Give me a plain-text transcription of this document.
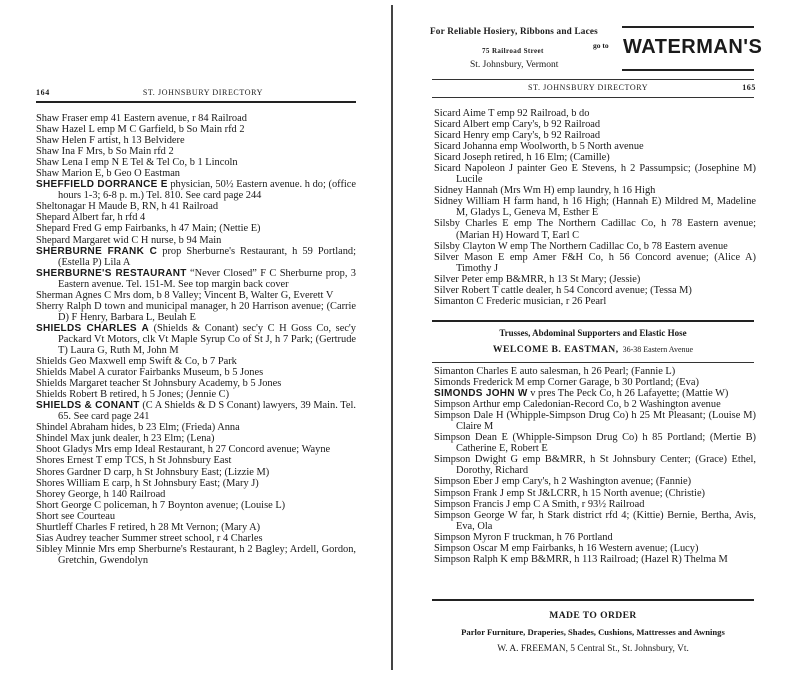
164	ST. JOHNSBURY DIRECTORY
Shaw Fraser emp 41 Eastern avenue, r 84 Railroad
Shaw Hazel L emp M C Garfield, b So Main rfd 2
Shaw Helen F artist, h 13 Belvidere
Shaw Ina F Mrs, b So Main rfd 2
Shaw Lena I emp N E Tel & Tel Co, b 1 Lincoln
Shaw Marion E, b Geo O Eastman
SHEFFIELD DORRANCE E physician, 50½ Eastern avenue. h do; (office hours 1-3; 6-8 p. m.) Tel. 810. See card page 244
Sheltonagar H Maude B, RN, h 41 Railroad
Shepard Albert far, h rfd 4
Shepard Fred G emp Fairbanks, h 47 Main; (Nettie E)
Shepard Margaret wid C H nurse, b 94 Main
SHERBURNE FRANK C prop Sherburne's Restaurant, h 59 Portland; (Estella P) Lila A
SHERBURNE'S RESTAURANT “Never Closed” F C Sherburne prop, 3 Eastern avenue. Tel. 151-M. See top margin back cover
Sherman Agnes C Mrs dom, b 8 Valley; Vincent B, Walter G, Everett V
Sherry Ralph D town and municipal manager, h 20 Harrison avenue; (Carrie D) F Henry, Barbara L, Beulah E
SHIELDS CHARLES A (Shields & Conant) sec'y C H Goss Co, sec'y Packard Vt Motors, clk Vt Maple Syrup Co of St J, h 7 Park; (Gertrude T) Laura G, Ruth M, John M
Shields Geo Maxwell emp Swift & Co, b 7 Park
Shields Mabel A curator Fairbanks Museum, b 5 Jones
Shields Margaret teacher St Johnsbury Academy, b 5 Jones
Shields Robert B retired, h 5 Jones; (Jennie C)
SHIELDS & CONANT (C A Shields & D S Conant) lawyers, 39 Main. Tel. 65. See card page 241
Shindel Abraham hides, b 23 Elm; (Frieda) Anna
Shindel Max junk dealer, h 23 Elm; (Lena)
Shoot Gladys Mrs emp Ideal Restaurant, h 27 Concord avenue; Wayne
Shores Ernest T emp TCS, h St Johnsbury East
Shores Gardner D carp, h St Johnsbury East; (Lizzie M)
Shores William E carp, h St Johnsbury East; (Mary J)
Shorey George, h 140 Railroad
Short George C policeman, h 7 Boynton avenue; (Louise L)
Short see Courteau
Shurtleff Charles F retired, h 28 Mt Vernon; (Mary A)
Sias Audrey teacher Summer street school, r 4 Charles
Sibley Minnie Mrs emp Sherburne's Restaurant, h 2 Bagley; Ardell, Gordon, Gretchin, Gwendolyn
For Reliable Hosiery, Ribbons and Laces
75 Railroad Street
St. Johnsbury, Vermont
go to WATERMAN'S
ST. JOHNSBURY DIRECTORY	165
Sicard Aime T emp 92 Railroad, b do
Sicard Albert emp Cary's, b 92 Railroad
Sicard Henry emp Cary's, b 92 Railroad
Sicard Johanna emp Woolworth, b 5 North avenue
Sicard Joseph retired, h 16 Elm; (Camille)
Sicard Napoleon J painter Geo E Stevens, h 2 Passumpsic; (Josephine M) Lucile
Sidney Hannah (Mrs Wm H) emp laundry, h 16 High
Sidney William H farm hand, h 16 High; (Hannah E) Mildred M, Madeline M, Gladys L, Geneva M, Esther E
Silsby Charles E emp The Northern Cadillac Co, h 78 Eastern avenue; (Marian H) Howard T, Earl C
Silsby Clayton W emp The Northern Cadillac Co, b 78 Eastern avenue
Silver Mason E emp Amer F&H Co, h 56 Concord avenue; (Alice A) Timothy J
Silver Peter emp B&MRR, h 13 St Mary; (Jessie)
Silver Robert T cattle dealer, h 54 Concord avenue; (Tessa M)
Simanton C Frederic musician, r 26 Pearl
Trusses, Abdominal Supporters and Elastic Hose
WELCOME B. EASTMAN, 36-38 Eastern Avenue
Simanton Charles E auto salesman, h 26 Pearl; (Fannie L)
Simonds Frederick M emp Corner Garage, b 30 Portland; (Eva)
SIMONDS JOHN W v pres The Peck Co, h 26 Lafayette; (Mattie W)
Simpson Arthur emp Caledonian-Record Co, b 2 Washington avenue
Simpson Dale H (Whipple-Simpson Drug Co) h 25 Mt Pleasant; (Louise M) Claire M
Simpson Dean E (Whipple-Simpson Drug Co) h 85 Portland; (Mertie B) Catherine E, Robert E
Simpson Dwight G emp B&MRR, h St Johnsbury Center; (Grace) Ethel, Dorothy, Richard
Simpson Eber J emp Cary's, h 2 Washington avenue; (Fannie)
Simpson Frank J emp St J&LCRR, h 15 North avenue; (Christie)
Simpson Francis J emp C A Smith, r 93½ Railroad
Simpson George W far, h Stark district rfd 4; (Kittie) Bernie, Bertha, Avis, Eva, Ola
Simpson Myron F truckman, h 76 Portland
Simpson Oscar M emp Fairbanks, h 16 Western avenue; (Lucy)
Simpson Ralph K emp B&MRR, h 113 Railroad; (Hazel R) Thelma M
MADE TO ORDER
Parlor Furniture, Draperies, Shades, Cushions, Mattresses and Awnings
W. A. FREEMAN, 5 Central St., St. Johnsbury, Vt.
